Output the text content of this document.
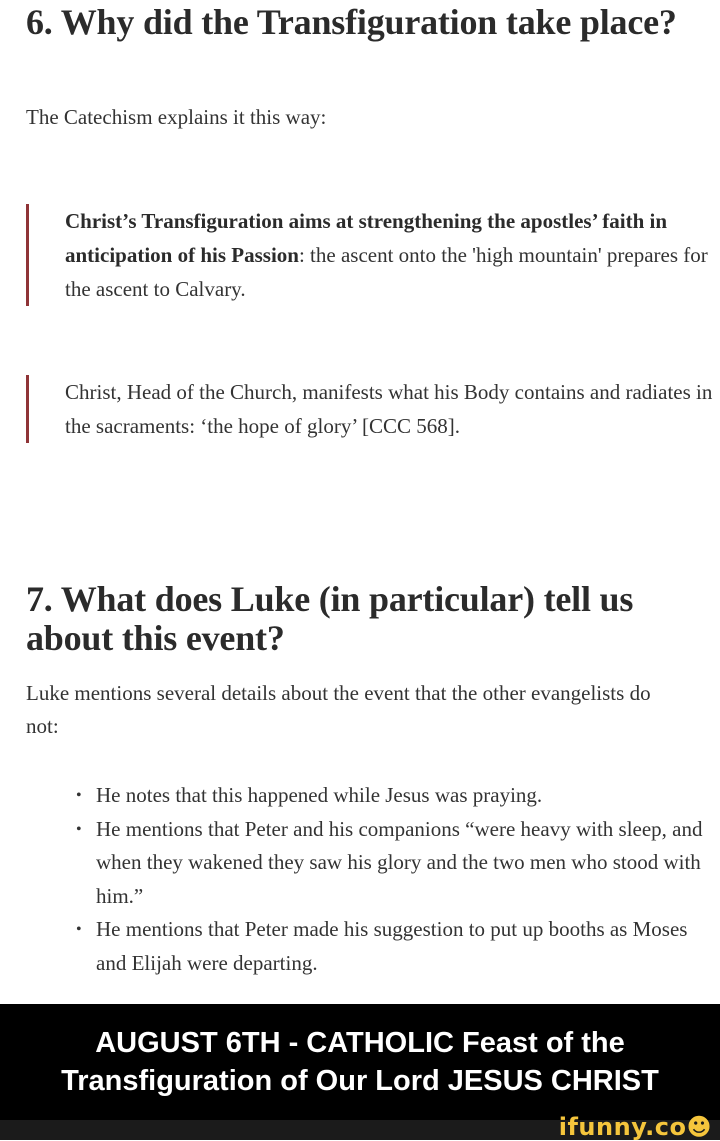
6. Why did the Transfiguration take place?
The Catechism explains it this way:
Christ’s Transfiguration aims at strengthening the apostles’ faith in anticipation of his Passion: the ascent onto the 'high mountain' prepares for the ascent to Calvary.
Christ, Head of the Church, manifests what his Body contains and radiates in the sacraments: ‘the hope of glory’ [CCC 568].
7. What does Luke (in particular) tell us about this event?
Luke mentions several details about the event that the other evangelists do not:
• He notes that this happened while Jesus was praying.
• He mentions that Peter and his companions “were heavy with sleep, and when they wakened they saw his glory and the two men who stood with him.”
• He mentions that Peter made his suggestion to put up booths as Moses and Elijah were departing.
AUGUST 6TH - CATHOLIC Feast of the Transfiguration of Our Lord JESUS CHRIST
ifunny.co☻
